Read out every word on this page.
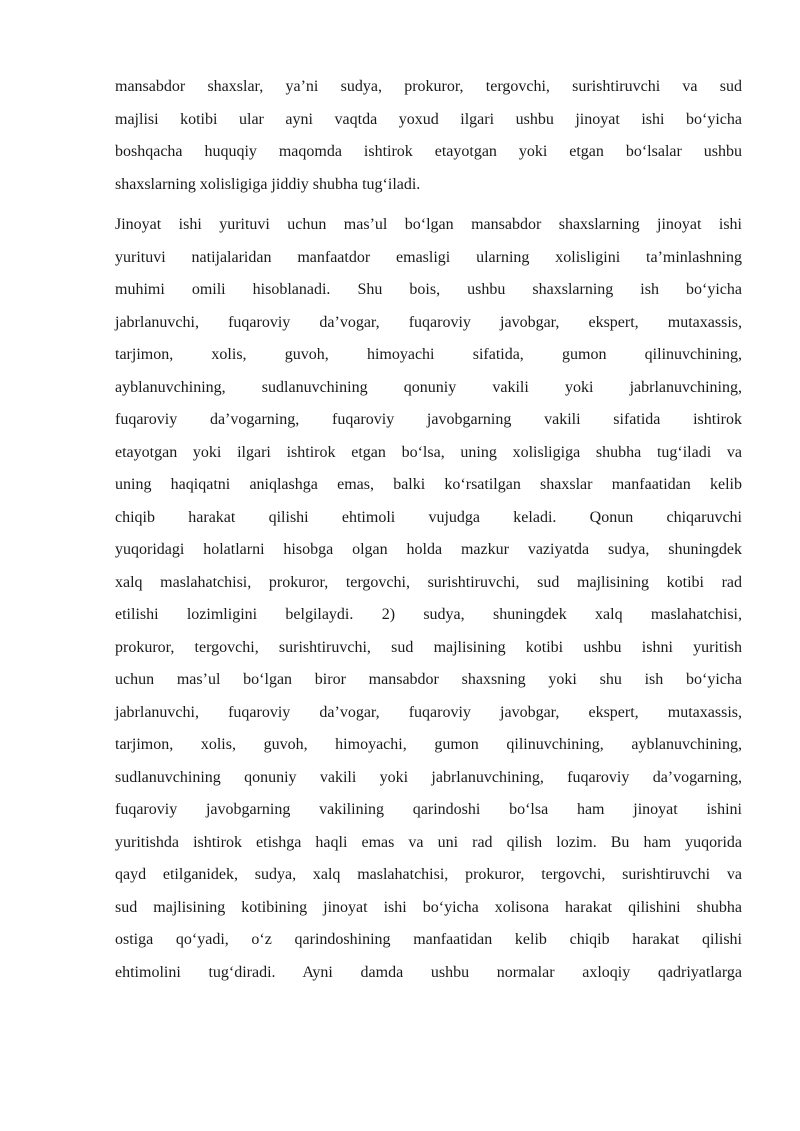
mansabdor shaxslar, ya’ni sudya, prokuror, tergovchi, surishtiruvchi va sud
majlisi kotibi ular ayni vaqtda yoxud ilgari ushbu jinoyat ishi bo‘yicha
boshqacha huquqiy maqomda ishtirok etayotgan yoki etgan bo‘lsalar ushbu
shaxslarning xolisligiga jiddiy shubha tug‘iladi.
Jinoyat ishi yurituvi uchun mas’ul bo‘lgan mansabdor shaxslarning jinoyat ishi
yurituvi natijalaridan manfaatdor emasligi ularning xolisligini ta’minlashning
muhimi omili hisoblanadi. Shu bois, ushbu shaxslarning ish bo‘yicha
jabrlanuvchi, fuqaroviy da’vogar, fuqaroviy javobgar, ekspert, mutaxassis,
tarjimon, xolis, guvoh, himoyachi sifatida, gumon qilinuvchining,
ayblanuvchining, sudlanuvchining qonuniy vakili yoki jabrlanuvchining,
fuqaroviy da’vogarning, fuqaroviy javobgarning vakili sifatida ishtirok
etayotgan yoki ilgari ishtirok etgan bo‘lsa, uning xolisligiga shubha tug‘iladi va
uning haqiqatni aniqlashga emas, balki ko‘rsatilgan shaxslar manfaatidan kelib
chiqib harakat qilishi ehtimoli vujudga keladi. Qonun chiqaruvchi
yuqoridagi holatlarni hisobga olgan holda mazkur vaziyatda sudya, shuningdek
xalq maslahatchisi, prokuror, tergovchi, surishtiruvchi, sud majlisining kotibi rad
etilishi lozimligini belgilaydi. 2) sudya, shuningdek xalq maslahatchisi,
prokuror, tergovchi, surishtiruvchi, sud majlisining kotibi ushbu ishni yuritish
uchun mas’ul bo‘lgan biror mansabdor shaxsning yoki shu ish bo‘yicha
jabrlanuvchi, fuqaroviy da’vogar, fuqaroviy javobgar, ekspert, mutaxassis,
tarjimon, xolis, guvoh, himoyachi, gumon qilinuvchining, ayblanuvchining,
sudlanuvchining qonuniy vakili yoki jabrlanuvchining, fuqaroviy da’vogarning,
fuqaroviy javobgarning vakilining qarindoshi bo‘lsa ham jinoyat ishini
yuritishda ishtirok etishga haqli emas va uni rad qilish lozim. Bu ham yuqorida
qayd etilganidek, sudya, xalq maslahatchisi, prokuror, tergovchi, surishtiruvchi va
sud majlisining kotibining jinoyat ishi bo‘yicha xolisona harakat qilishini shubha
ostiga qo‘yadi, o‘z qarindoshining manfaatidan kelib chiqib harakat qilishi
ehtimolini tug‘diradi. Ayni damda ushbu normalar axloqiy qadriyatlarga
